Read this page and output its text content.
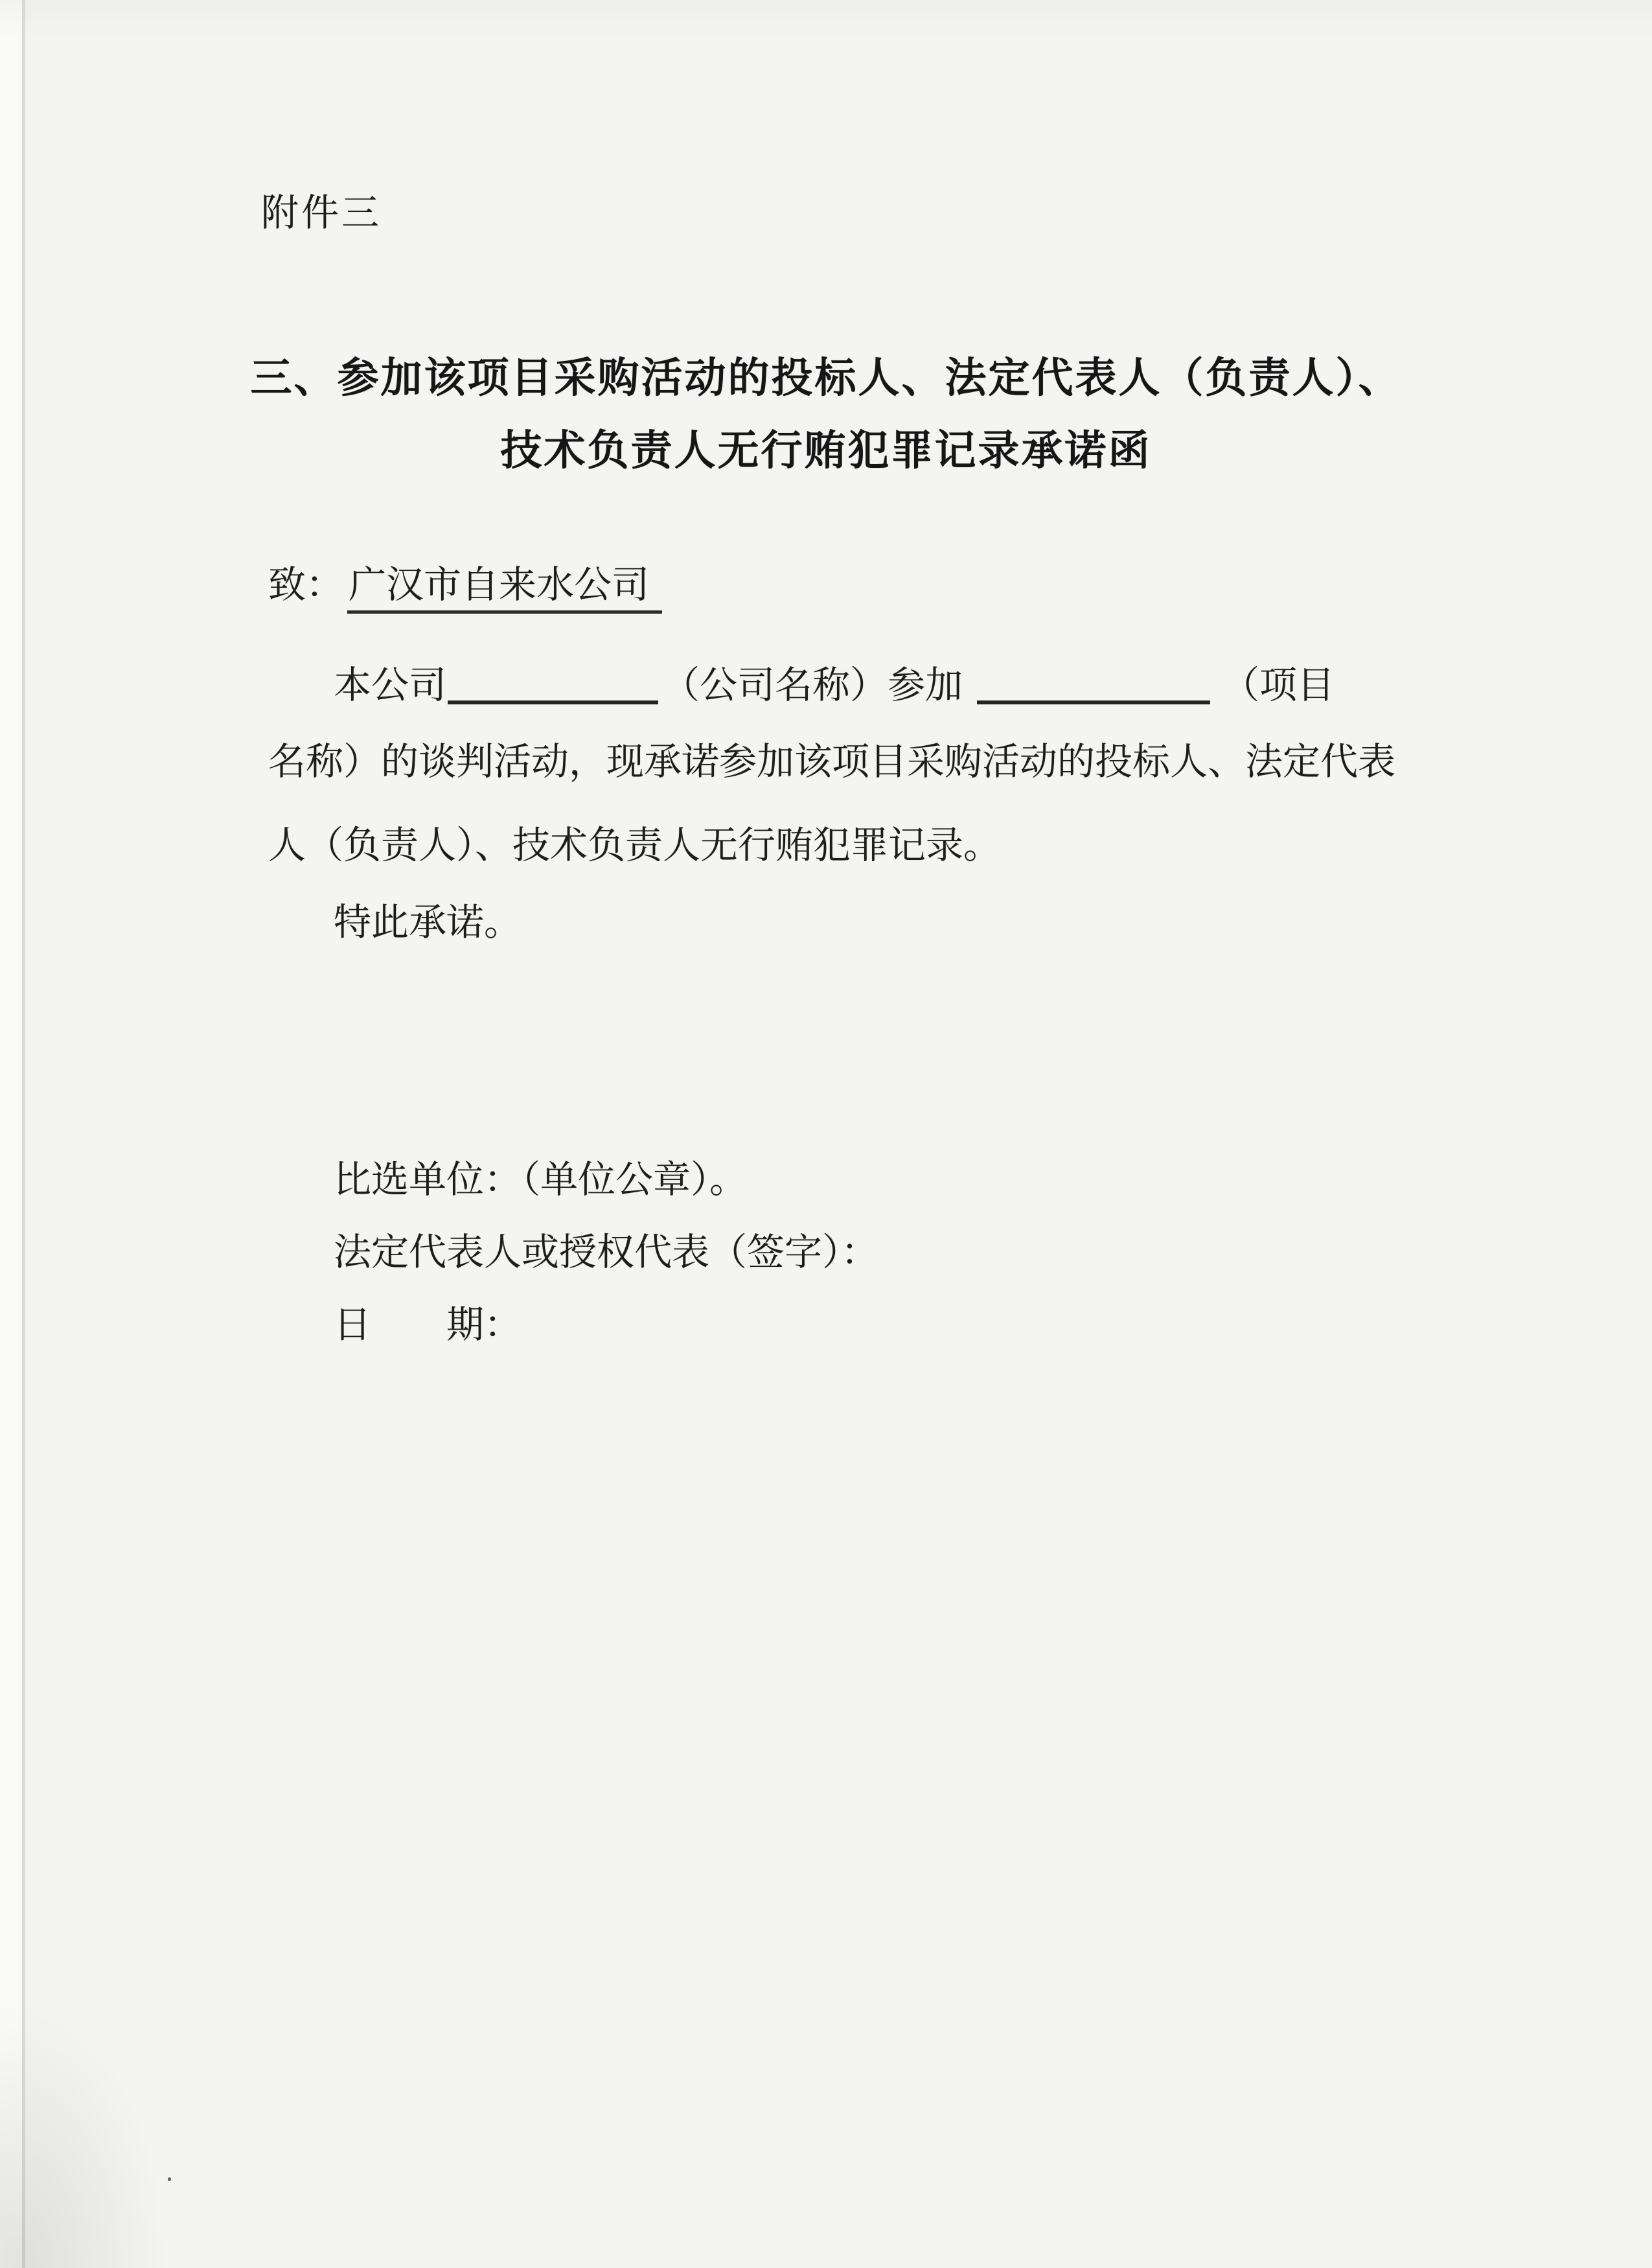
附件三
三、参加该项目采购活动的投标人、法定代表人（负责人）、
技术负责人无行贿犯罪记录承诺函
致： 广汉市自来水公司
本公司	（公司名称）参加	（项目
名称）的谈判活动，现承诺参加该项目采购活动的投标人、法定代表
人（负责人）、技术负责人无行贿犯罪记录。
特此承诺。
比选单位：（单位公章）。
法定代表人或授权代表（签字）：
日　　期：
